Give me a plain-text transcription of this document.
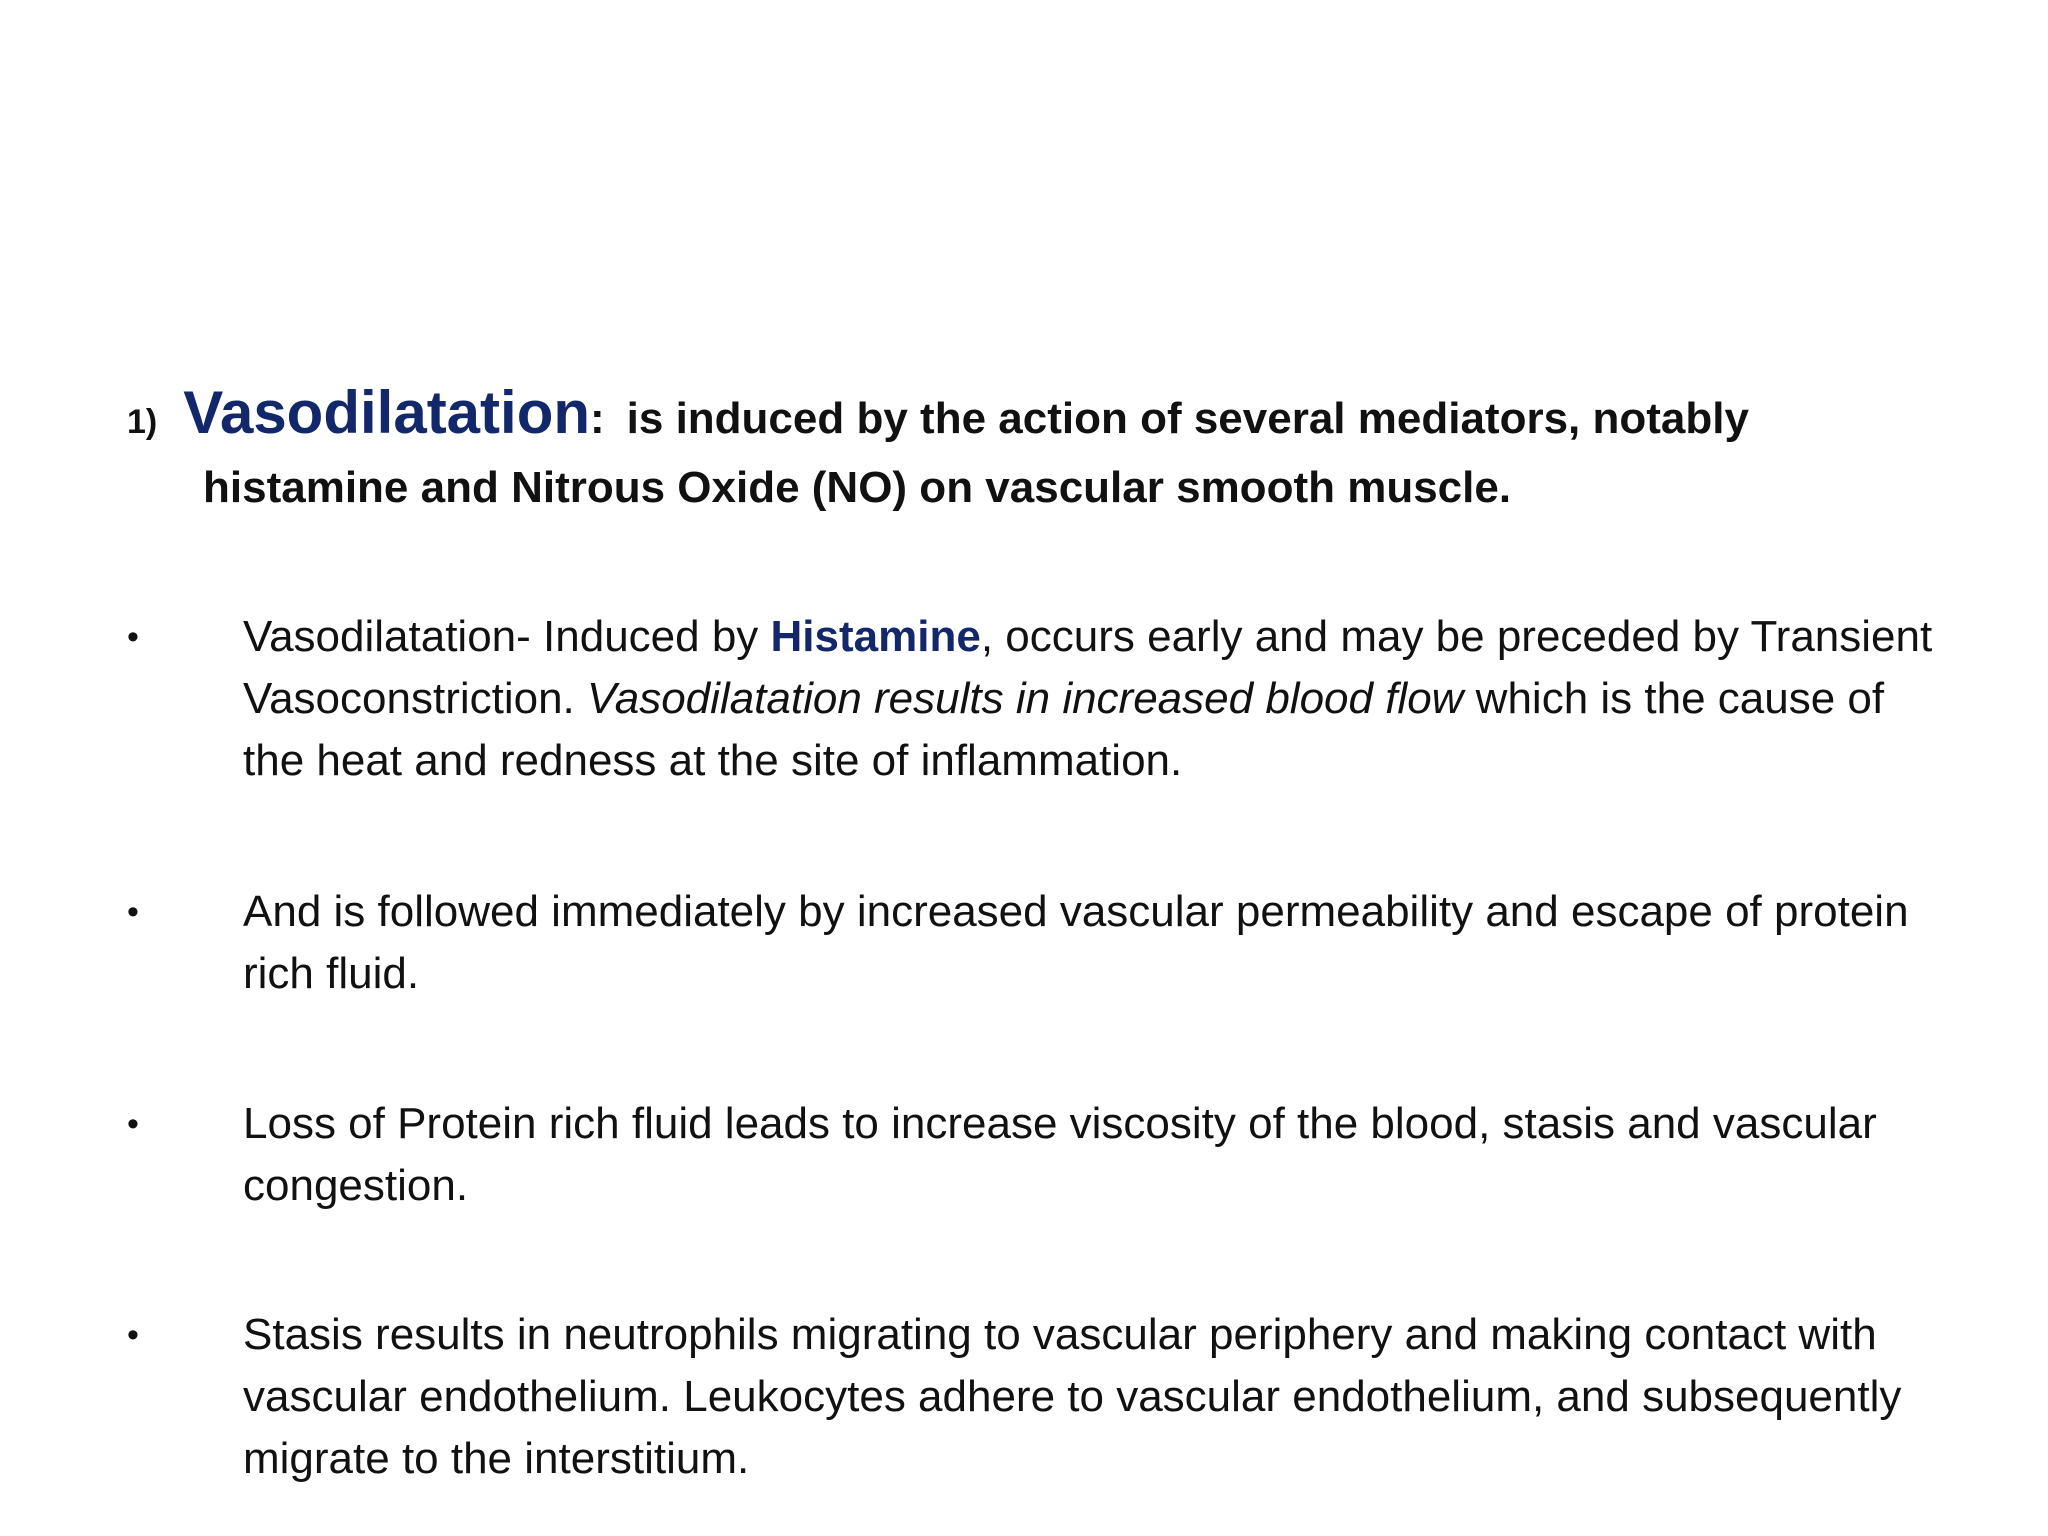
1) Vasodilatation: is induced by the action of several mediators, notably
histamine and Nitrous Oxide (NO) on vascular smooth muscle.
• Vasodilatation- Induced by Histamine, occurs early and may be preceded by Transient Vasoconstriction. Vasodilatation results in increased blood flow which is the cause of the heat and redness at the site of inflammation.
• And is followed immediately by increased vascular permeability and escape of protein rich fluid.
• Loss of Protein rich fluid leads to increase viscosity of the blood, stasis and vascular congestion.
• Stasis results in neutrophils migrating to vascular periphery and making contact with vascular endothelium. Leukocytes adhere to vascular endothelium, and subsequently migrate to the interstitium.
